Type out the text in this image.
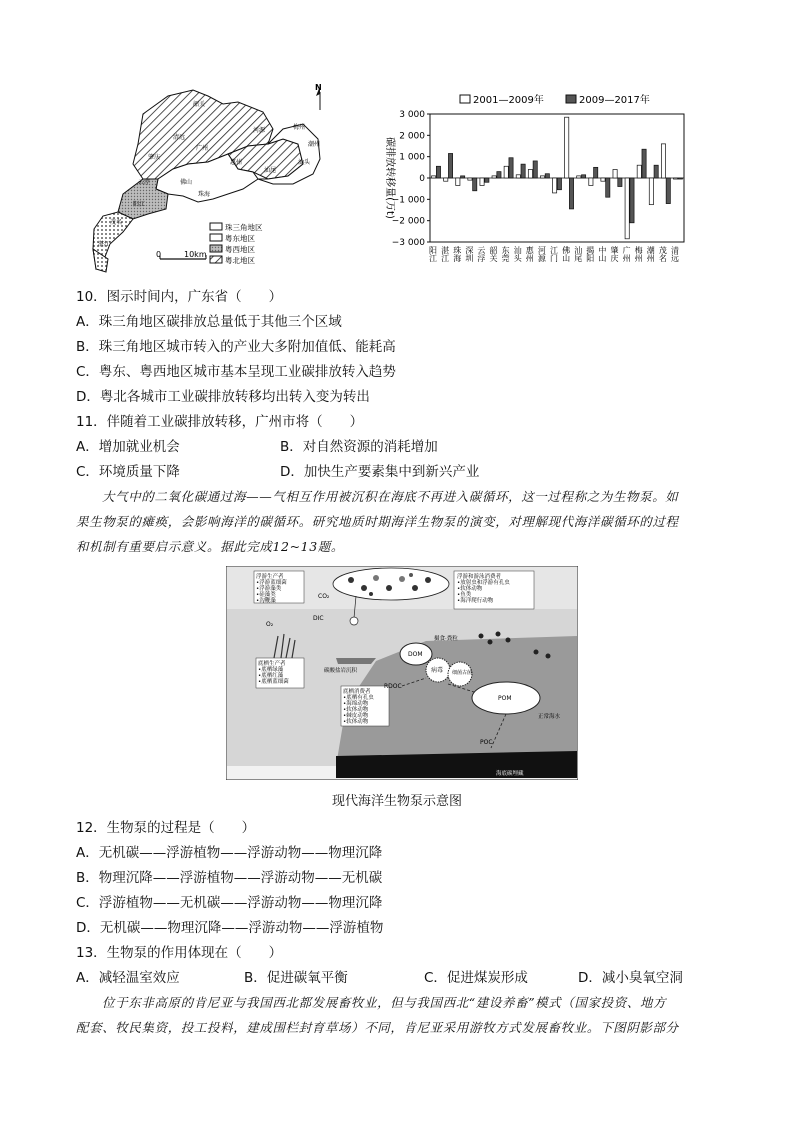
广州
惠州
汕尾
汕头
潮州
梅州
河源
韶关
清远
肇庆
云浮	佛山
珠海
阳江
茂名
湛江
N
0	10km
珠三角地区
粤东地区
粤西地区
粤北地区
2001—2009年	2009—2017年
碳排放转移量(万t)
3 000
2 000
1 000
0
−1 000
−2 000
−3 000
阳江 湛江 珠海 深圳 云浮 韶关 东莞 汕头 惠州 河源 江门 佛山 汕尾 揭阳 中山 肇庆 广州 梅州 潮州 茂名 清远
10．图示时间内，广东省（　　）
A．珠三角地区碳排放总量低于其他三个区域
B．珠三角地区城市转入的产业大多附加值低、能耗高
C．粤东、粤西地区城市基本呈现工业碳排放转入趋势
D．粤北各城市工业碳排放转移均出转入变为转出
11．伴随着工业碳排放转移，广州市将（　　）
A．增加就业机会	B．对自然资源的消耗增加
C．环境质量下降	D．加快生产要素集中到新兴产业
大气中的二氧化碳通过海——气相互作用被沉积在海底不再进入碳循环，这一过程称之为生物泵。如
果生物泵的瘫痪，会影响海洋的碳循环。研究地质时期海洋生物泵的演变，对理解现代海洋碳循环的过程
和机制有重要启示意义。据此完成12~13题。
浮游生产者
•浮游蓝细菌
•浮游藻类
•硅藻类
•沟鞭藻
浮游和游泳消费者
•放射虫和浮游有孔虫
•软体动物
•鱼类
•海洋爬行动物
底栖生产者
•底栖绿藻
•底栖红藻
•底栖蓝细菌
底栖消费者
•底栖有孔虫
•海绵动物
•软体动物
•棘皮动物
•软体动物
CO₂
DIC
O₂
碳酸盐岩沉积
DOM
病毒 细菌古菌
POM
摄食·粪粒
RDOC
POC
正常海水
海底碳埋藏
现代海洋生物泵示意图
12．生物泵的过程是（　　）
A．无机碳——浮游植物——浮游动物——物理沉降
B．物理沉降——浮游植物——浮游动物——无机碳
C．浮游植物——无机碳——浮游动物——物理沉降
D．无机碳——物理沉降——浮游动物——浮游植物
13．生物泵的作用体现在（　　）
A．减轻温室效应	B．促进碳氧平衡	C．促进煤炭形成	D．减小臭氧空洞
位于东非高原的肯尼亚与我国西北都发展畜牧业，但与我国西北“建设养畜”模式（国家投资、地方
配套、牧民集资，投工投料，建成围栏封育草场）不同，肯尼亚采用游牧方式发展畜牧业。下图阴影部分
